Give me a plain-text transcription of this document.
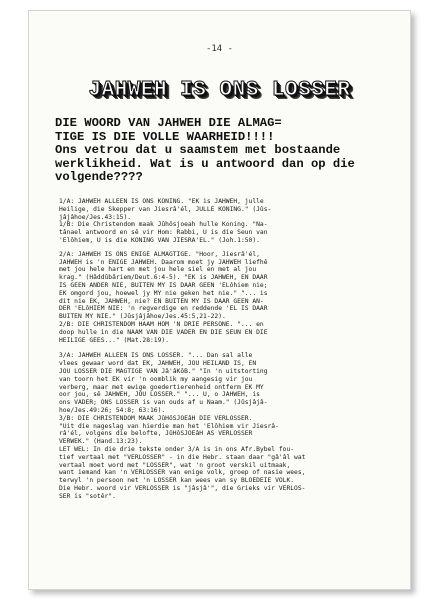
-14 -
JAHWEH IS ONS LOSSER
DIE WOORD VAN JAHWEH DIE ALMAG=
TIGE IS DIE VOLLE WAARHEID!!!!
Ons vetrou dat u saamstem met bostaande
werklikheid. Wat is u antwoord dan op die
volgende????
1/A: JAHWEH ALLEEN IS ONS KONING. "EK is JAHWEH, julle
Heilige, die Skepper van Jiesrâ'él, JULLE KONING." (Jûs-
jâjâhoe/Jes.43:15).
1/B: Die Christendom maak Jûhôsjoeah hulle Koning. "Na-
tânael antwoord en sê vir Hom: Rabbi, U is die Seun van
'Elôhiem, U is die KONING VAN JIESRÂ'ÉL." (Joh.1:50).
2/A: JAHWEH IS ONS ENIGE ALMAGTIGE. "Hoor, Jiesrâ'él,
JAHWEH is 'n ENIGE JAHWEH. Daarom moet jy JAHWEH liefhê
met jou hele hart en met jou hele siel en met al jou
krag." (Hâddûbâriem/Deut.6:4-5). "EK is JAHWEH, EN DAAR
IS GEEN ANDER NIE, BUITEN MY IS DAAR GEEN 'ELôhiem nie;
EK omgord jou, hoewel jy MY nie geken het nie." "... is
dit nie EK, JAHWEH, nie? EN BUITEN MY IS DAAR GEEN AN-
DER 'ELôHIEM NIE: 'n regverdige en reddende 'ÉL IS DAAR
BUITEN MY NIE." (Jûsjâjâhoe/Jes.45:5,21-22).
2/B: DIE CHRISTENDOM HAAM HOM 'N DRIE PERSONE. "... en
doop hulle in die NAAM VAN DIE VADER EN DIE SEUN EN DIE
HEILIGE GEES..." (Mat.28:19).
3/A: JAHWEH ALLEEN IS ONS LOSSER. "... Dan sal alle
vlees gewaar word dat EK, JAHWEH, JOU HEILAND IS, EN
JOU LOSSER DIE MAGTIGE VAN Jâ'âKôB." "In 'n uitstorting
van toorn het EK vir 'n oomblik my aangesig vir jou
verberg, maar met ewige goedertierenheid ontferm EK MY
oor jou, sê JAHWEH, JOU LOSSER." "... U, o JAHWEH, is
ons VADER; ONS LOSSER is van ouds af u Naam." (Jûsjâjâ-
hoe/Jes.49:26; 54:8; 63:16).
3/B: DIE CHRISTENDOM MAAK JûHôSJOEâH DIE VERLOSSER.
"Uit die nageslag van hierdie man het 'Elôhiem vir Jiesrâ-
râ'él, volgens die belofte, JûHôSJOEâH AS VERLOSSER
VERWEK." (Hand.13:23).
LET WEL: In die drie tekste onder 3/A is in ons Afr.Bybel fou-
tief vertaal met "VERLOSSER" - in die Hebr. staan daar "gâ'âl wat
vertaal moet word met "LOSSER", wat 'n groot verskil uitmaak,
want iemand kan 'n VERLOSSER van enige volk, groep of nasie wees,
terwyl 'n persoon net 'n LOSSER kan wees van sy BLOEDEIE VOLK.
Die Hebr. woord vir VERLOSSER is "jâsjâ'", die Grieks vir VERLOS-
SER is "sotêr".
